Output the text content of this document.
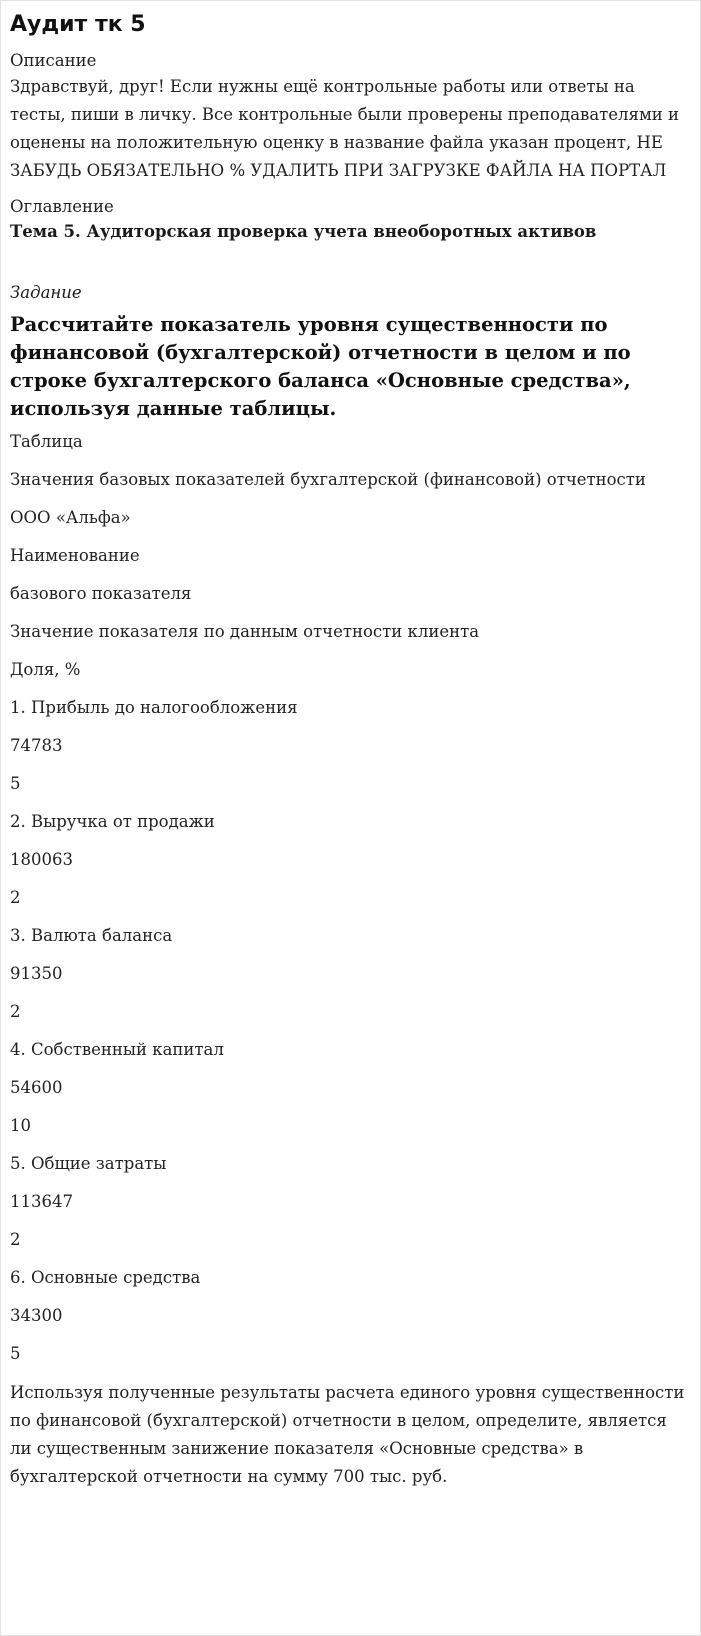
Аудит тк 5
Описание
Здравствуй, друг! Если нужны ещё контрольные работы или ответы на тесты, пиши в личку. Все контрольные были проверены преподавателями и оценены на положительную оценку в название файла указан процент, НЕ ЗАБУДЬ ОБЯЗАТЕЛЬНО % УДАЛИТЬ ПРИ ЗАГРУЗКЕ ФАЙЛА НА ПОРТАЛ
Оглавление
Тема 5. Аудиторская проверка учета внеоборотных активов
Задание
Рассчитайте показатель уровня существенности по финансовой (бухгалтерской) отчетности в целом и по строке бухгалтерского баланса «Основные средства», используя данные таблицы.

Таблица

Значения базовых показателей бухгалтерской (финансовой) отчетности

ООО «Альфа»

Наименование

базового показателя

Значение показателя по данным отчетности клиента

Доля, %

1. Прибыль до налогообложения

74783

5

2. Выручка от продажи

180063

2

3. Валюта баланса

91350

2

4. Собственный капитал

54600

10

5. Общие затраты

113647

2

6. Основные средства

34300

5

Используя полученные результаты расчета единого уровня существенности по финансовой (бухгалтерской) отчетности в целом, определите, является ли существенным занижение показателя «Основные средства» в бухгалтерской отчетности на сумму 700 тыс. руб.
